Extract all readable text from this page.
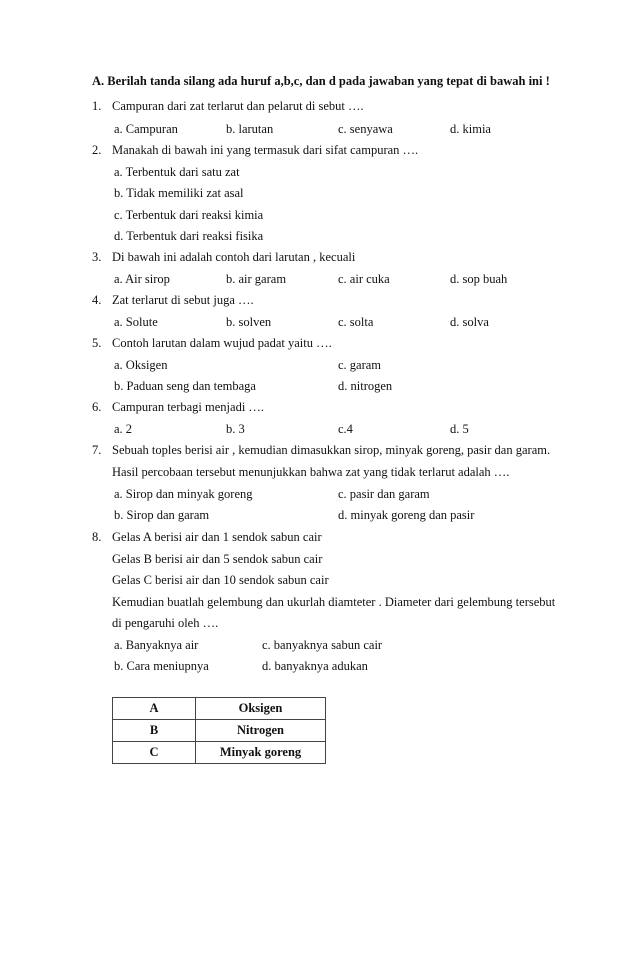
A. Berilah tanda silang ada huruf a,b,c, dan d pada jawaban yang tepat di bawah ini !
1. Campuran dari zat terlarut dan pelarut di sebut ….
a. Campuran	b. larutan	c. senyawa	d. kimia
2. Manakah di bawah ini yang termasuk dari sifat campuran ….
a. Terbentuk dari satu zat
b. Tidak memiliki zat asal
c. Terbentuk dari reaksi kimia
d. Terbentuk dari reaksi fisika
3. Di bawah ini adalah contoh dari larutan , kecuali
a. Air sirop	b. air garam	c. air cuka	d. sop buah
4. Zat terlarut di sebut juga ….
a. Solute	b. solven	c. solta	d. solva
5. Contoh larutan dalam wujud padat yaitu ….
a. Oksigen	c. garam
b. Paduan seng dan tembaga	d. nitrogen
6. Campuran terbagi menjadi ….
a. 2	b. 3	c.4	d. 5
7. Sebuah toples berisi air , kemudian dimasukkan sirop, minyak goreng, pasir dan garam.
Hasil percobaan tersebut menunjukkan bahwa zat yang tidak terlarut adalah ….
a. Sirop dan minyak goreng	c. pasir dan garam
b. Sirop dan garam	d. minyak goreng dan pasir
8. Gelas A berisi air dan 1 sendok sabun cair
Gelas B berisi air dan 5 sendok sabun cair
Gelas C berisi air dan 10 sendok sabun cair
Kemudian buatlah gelembung dan ukurlah diamteter . Diameter dari gelembung tersebut
di pengaruhi oleh ….
a. Banyaknya air	c. banyaknya sabun cair
b. Cara meniupnya	d. banyaknya adukan
A	Oksigen
B	Nitrogen
C	Minyak goreng
